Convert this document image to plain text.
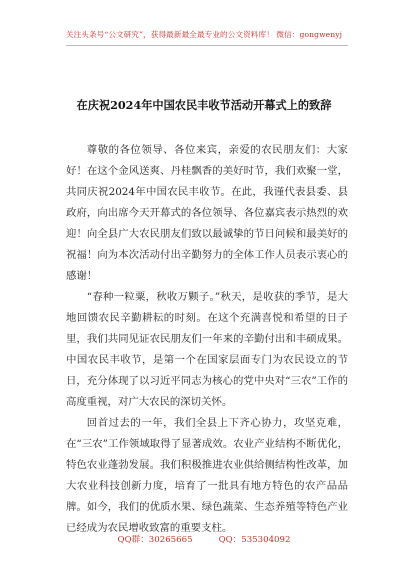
关注头条号“公文研究”，获得最新最全最专业的公文资料库！ 微信：gongwenyj
在庆祝2024年中国农民丰收节活动开幕式上的致辞

尊敬的各位领导、各位来宾，亲爱的农民朋友们：大家好！在这个金风送爽、丹桂飘香的美好时节，我们欢聚一堂，共同庆祝2024年中国农民丰收节。在此，我谨代表县委、县政府，向出席今天开幕式的各位领导、各位嘉宾表示热烈的欢迎！向全县广大农民朋友们致以最诚挚的节日问候和最美好的祝福！向为本次活动付出辛勤努力的全体工作人员表示衷心的感谢！

“春种一粒粟，秋收万颗子。”秋天，是收获的季节，是大地回馈农民辛勤耕耘的时刻。在这个充满喜悦和希望的日子里，我们共同见证农民朋友们一年来的辛勤付出和丰硕成果。中国农民丰收节，是第一个在国家层面专门为农民设立的节日，充分体现了以习近平同志为核心的党中央对“三农”工作的高度重视，对广大农民的深切关怀。

回首过去的一年，我们全县上下齐心协力，攻坚克难，在“三农”工作领域取得了显著成效。农业产业结构不断优化，特色农业蓬勃发展。我们积极推进农业供给侧结构性改革，加大农业科技创新力度，培育了一批具有地方特色的农产品品牌。如今，我们的优质水果、绿色蔬菜、生态养殖等特色产业已经成为农民增收致富的重要支柱。

QQ群：30265665	QQ：535304092
